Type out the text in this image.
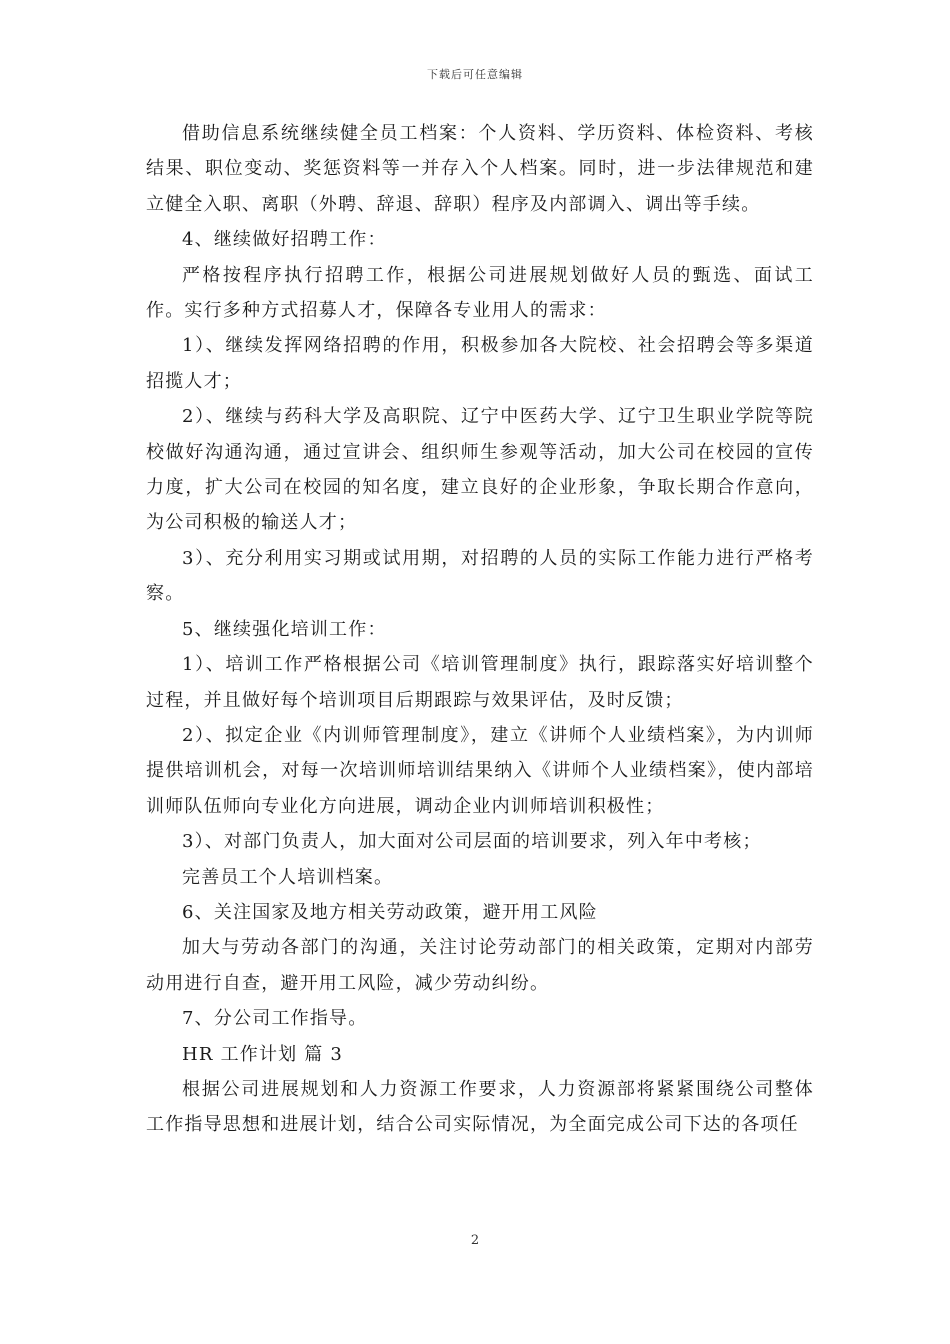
下载后可任意编辑

借助信息系统继续健全员工档案：个人资料、学历资料、体检资料、考核结果、职位变动、奖惩资料等一并存入个人档案。同时，进一步法律规范和建立健全入职、离职（外聘、辞退、辞职）程序及内部调入、调出等手续。

4、继续做好招聘工作：

严格按程序执行招聘工作，根据公司进展规划做好人员的甄选、面试工作。实行多种方式招募人才，保障各专业用人的需求：

1）、继续发挥网络招聘的作用，积极参加各大院校、社会招聘会等多渠道招揽人才；

2）、继续与药科大学及高职院、辽宁中医药大学、辽宁卫生职业学院等院校做好沟通沟通，通过宣讲会、组织师生参观等活动，加大公司在校园的宣传力度，扩大公司在校园的知名度，建立良好的企业形象，争取长期合作意向，为公司积极的输送人才；

3）、充分利用实习期或试用期，对招聘的人员的实际工作能力进行严格考察。

5、继续强化培训工作：

1）、培训工作严格根据公司《培训管理制度》执行，跟踪落实好培训整个过程，并且做好每个培训项目后期跟踪与效果评估，及时反馈；

2）、拟定企业《内训师管理制度》，建立《讲师个人业绩档案》，为内训师提供培训机会，对每一次培训师培训结果纳入《讲师个人业绩档案》，使内部培训师队伍师向专业化方向进展，调动企业内训师培训积极性；

3）、对部门负责人，加大面对公司层面的培训要求，列入年中考核；

完善员工个人培训档案。

6、关注国家及地方相关劳动政策，避开用工风险

加大与劳动各部门的沟通，关注讨论劳动部门的相关政策，定期对内部劳动用进行自查，避开用工风险，减少劳动纠纷。

7、分公司工作指导。

HR 工作计划 篇 3

根据公司进展规划和人力资源工作要求，人力资源部将紧紧围绕公司整体工作指导思想和进展计划，结合公司实际情况，为全面完成公司下达的各项任

2
